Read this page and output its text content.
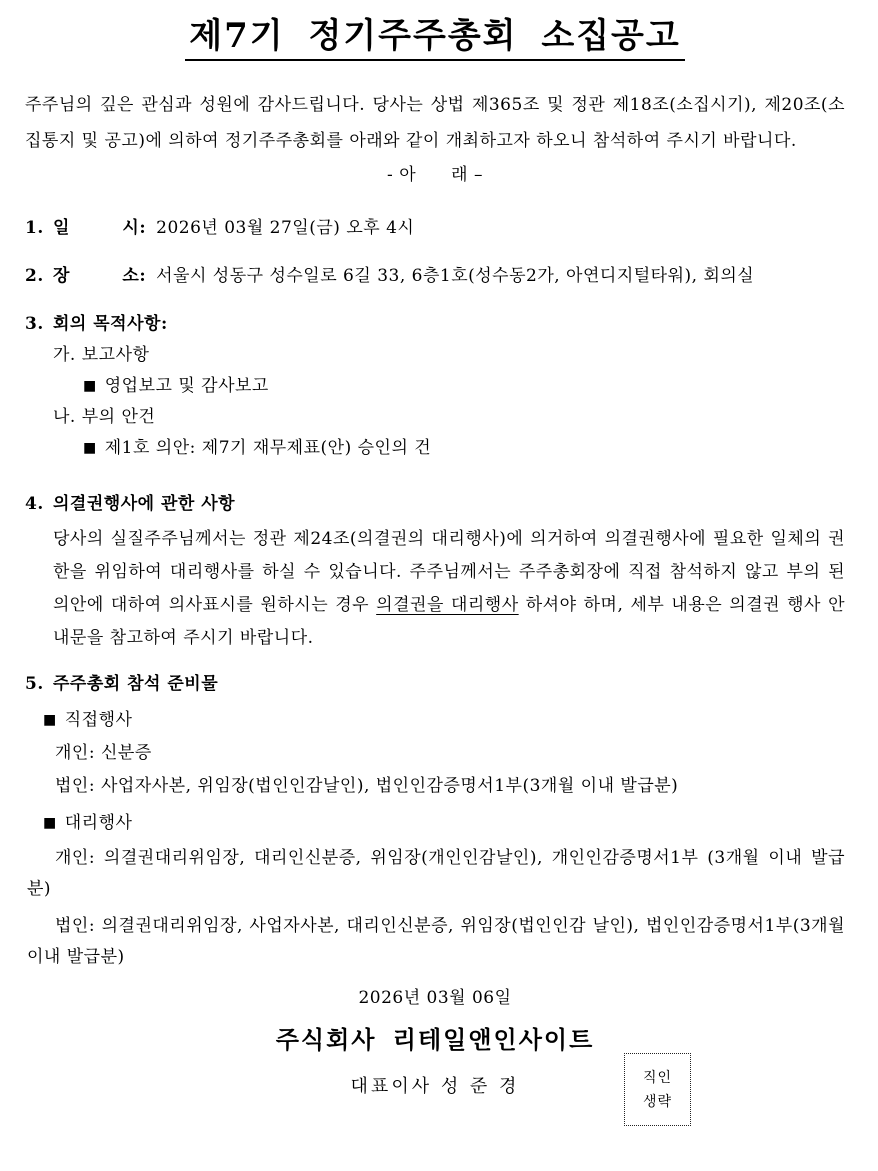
제7기 정기주주총회 소집공고

주주님의 깊은 관심과 성원에 감사드립니다. 당사는 상법 제365조 및 정관 제18조(소집시기), 제20조(소집통지 및 공고)에 의하여 정기주주총회를 아래와 같이 개최하고자 하오니 참석하여 주시기 바랍니다.

- 아　　래 –
1. 일　　　시: 2026년 03월 27일(금) 오후 4시
2. 장　　　소: 서울시 성동구 성수일로 6길 33, 6층1호(성수동2가, 아연디지털타워), 회의실
3. 회의 목적사항:
가. 보고사항
■ 영업보고 및 감사보고
나. 부의 안건
■ 제1호 의안: 제7기 재무제표(안) 승인의 건
4. 의결권행사에 관한 사항

당사의 실질주주님께서는 정관 제24조(의결권의 대리행사)에 의거하여 의결권행사에 필요한 일체의 권한을 위임하여 대리행사를 하실 수 있습니다. 주주님께서는 주주총회장에 직접 참석하지 않고 부의 된 의안에 대하여 의사표시를 원하시는 경우 의결권을 대리행사 하셔야 하며, 세부 내용은 의결권 행사 안내문을 참고하여 주시기 바랍니다.

5. 주주총회 참석 준비물
■ 직접행사
개인: 신분증
법인: 사업자사본, 위임장(법인인감날인), 법인인감증명서1부(3개월 이내 발급분)
■ 대리행사

개인: 의결권대리위임장, 대리인신분증, 위임장(개인인감날인), 개인인감증명서1부 (3개월 이내 발급분)

법인: 의결권대리위임장, 사업자사본, 대리인신분증, 위임장(법인인감 날인), 법인인감증명서1부(3개월 이내 발급분)

2026년 03월 06일
주식회사 리테일앤인사이트
대표이사 성 준 경	직인
생략
